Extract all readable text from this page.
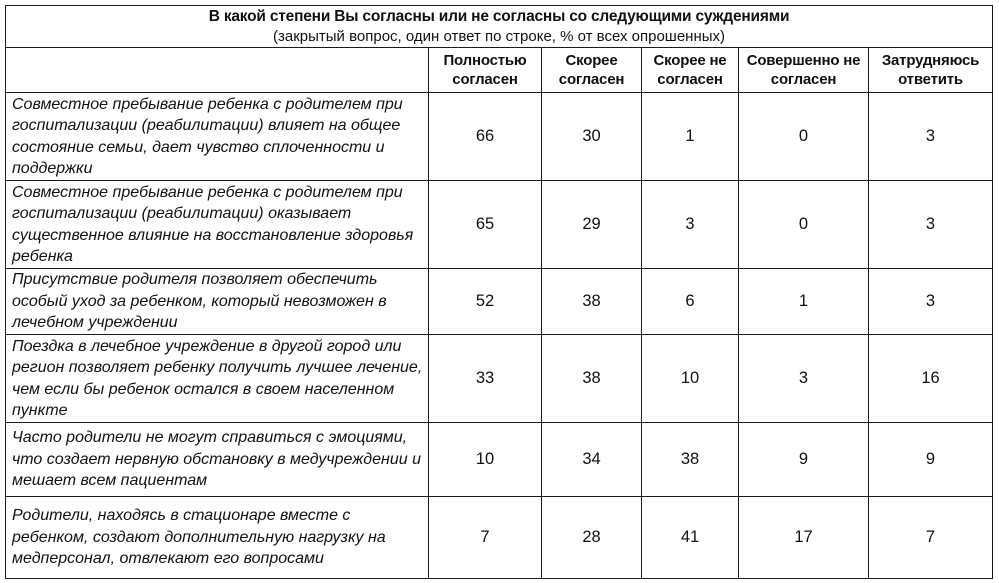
В какой степени Вы согласны или не согласны со следующими суждениями
(закрытый вопрос, один ответ по строке, % от всех опрошенных)					

	Полностью согласен	Скорее согласен	Скорее не согласен	Совершенно не согласен	Затрудняюсь ответить
Совместное пребывание ребенка с родителем при госпитализации (реабилитации) влияет на общее состояние семьи, дает чувство сплоченности и поддержки	66	30	1	0	3
Совместное пребывание ребенка с родителем при госпитализации (реабилитации) оказывает существенное влияние на восстановление здоровья ребенка	65	29	3	0	3
Присутствие родителя позволяет обеспечить особый уход за ребенком, который невозможен в лечебном учреждении	52	38	6	1	3
Поездка в лечебное учреждение в другой город или регион позволяет ребенку получить лучшее лечение, чем если бы ребенок остался в своем населенном пункте	33	38	10	3	16
Часто родители не могут справиться с эмоциями, что создает нервную обстановку в медучреждении и мешает всем пациентам	10	34	38	9	9
Родители, находясь в стационаре вместе с ребенком, создают дополнительную нагрузку на медперсонал, отвлекают его вопросами	7	28	41	17	7
